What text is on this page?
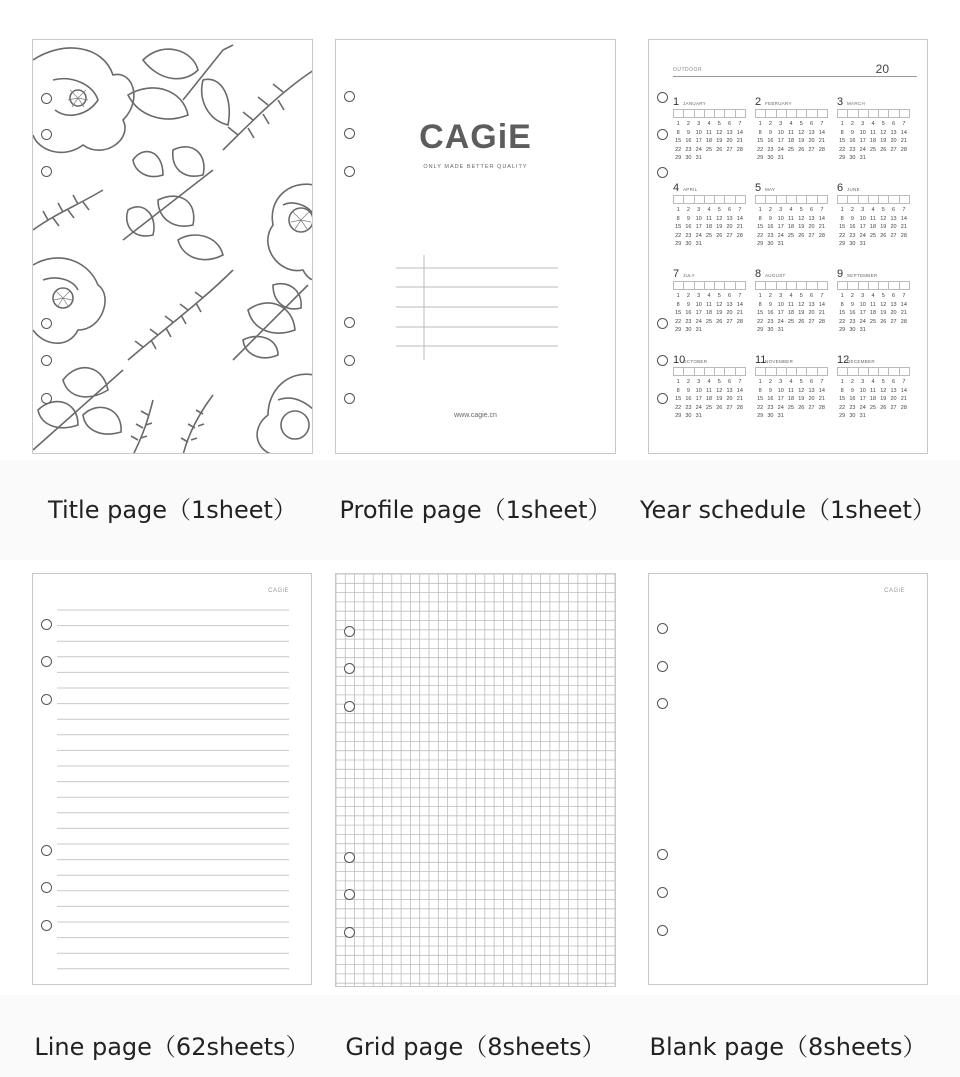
CAGiE
ONLY MADE BETTER QUALITY
www.cagie.cn
OUTDOOR	20
1 JANUARY
1	2	3	4	5	6	7
8	9	10 11 12 13 14
15 16 17 18 19 20 21
22 23 24 25 26 27 28
29 30 31
2 FEBRUARY
1	2	3	4	5	6	7
8	9	10 11 12 13 14
15 16 17 18 19 20 21
22 23 24 25 26 27 28
29 30 31
3 MARCH
1	2	3	4	5	6	7
8	9	10 11 12 13 14
15 16 17 18 19 20 21
22 23 24 25 26 27 28
29 30 31
4 APRIL
1	2	3	4	5	6	7
8	9	10 11 12 13 14
15 16 17 18 19 20 21
22 23 24 25 26 27 28
29 30 31
5 MAY
1	2	3	4	5	6	7
8	9	10 11 12 13 14
15 16 17 18 19 20 21
22 23 24 25 26 27 28
29 30 31
6 JUNE
1	2	3	4	5	6	7
8	9	10 11 12 13 14
15 16 17 18 19 20 21
22 23 24 25 26 27 28
29 30 31
7 JULY
1	2	3	4	5	6	7
8	9	10 11 12 13 14
15 16 17 18 19 20 21
22 23 24 25 26 27 28
29 30 31
8 AUGUST
1	2	3	4	5	6	7
8	9	10 11 12 13 14
15 16 17 18 19 20 21
22 23 24 25 26 27 28
29 30 31
9 SEPTEMBER
1	2	3	4	5	6	7
8	9	10 11 12 13 14
15 16 17 18 19 20 21
22 23 24 25 26 27 28
29 30 31
10
OCTOBER
1	2	3	4	5	6	7
8	9	10 11 12 13 14
15 16 17 18 19 20 21
22 23 24 25 26 27 28
29 30 31
11
NOVEMBER
1	2	3	4	5	6	7
8	9	10 11 12 13 14
15 16 17 18 19 20 21
22 23 24 25 26 27 28
29 30 31
12
DECEMBER
1	2	3	4	5	6	7
8	9	10 11 12 13 14
15 16 17 18 19 20 21
22 23 24 25 26 27 28
29 30 31
Title page（1sheet）	Profile page（1sheet） Year schedule（1sheet）
CAGiE	CAGiE
Line page（62sheets）	Grid page（8sheets）	Blank page（8sheets）
